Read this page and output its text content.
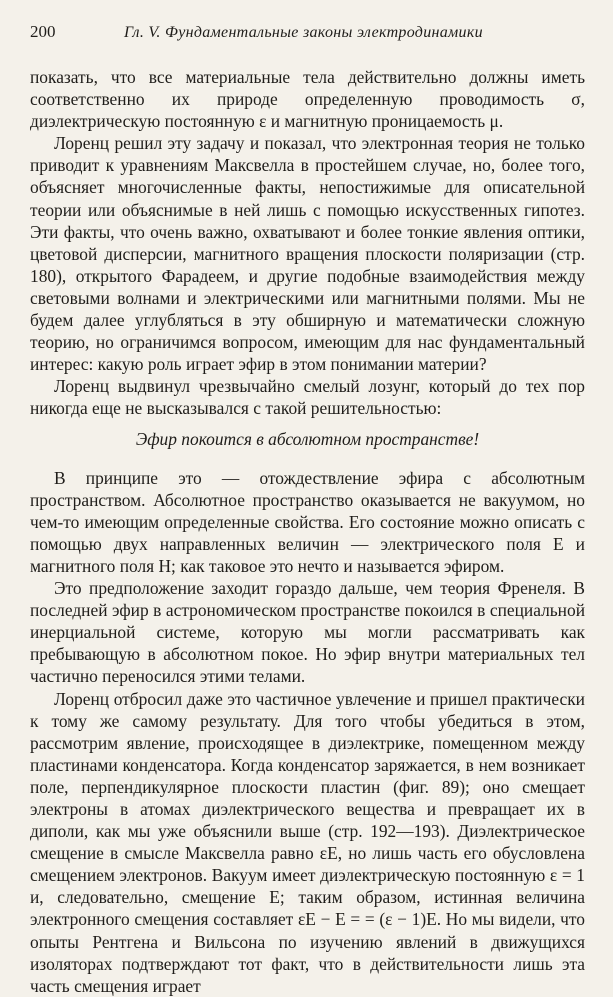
200	Гл. V. Фундаментальные законы электродинамики

показать, что все материальные тела действительно должны иметь соответственно их природе определенную проводимость σ, диэлектрическую постоянную ε и магнитную проницаемость μ.

Лоренц решил эту задачу и показал, что электронная теория не только приводит к уравнениям Максвелла в простейшем случае, но, более того, объясняет многочисленные факты, непостижимые для описательной теории или объяснимые в ней лишь с помощью искусственных гипотез. Эти факты, что очень важно, охватывают и более тонкие явления оптики, цветовой дисперсии, магнитного вращения плоскости поляризации (стр. 180), открытого Фарадеем, и другие подобные взаимодействия между световыми волнами и электрическими или магнитными полями. Мы не будем далее углубляться в эту обширную и математически сложную теорию, но ограничимся вопросом, имеющим для нас фундаментальный интерес: какую роль играет эфир в этом понимании материи?

Лоренц выдвинул чрезвычайно смелый лозунг, который до тех пор никогда еще не высказывался с такой решительностью:

Эфир покоится в абсолютном пространстве!

В принципе это — отождествление эфира с абсолютным пространством. Абсолютное пространство оказывается не вакуумом, но чем-то имеющим определенные свойства. Его состояние можно описать с помощью двух направленных величин — электрического поля E и магнитного поля H; как таковое это нечто и называется эфиром.

Это предположение заходит гораздо дальше, чем теория Френеля. В последней эфир в астрономическом пространстве покоился в специальной инерциальной системе, которую мы могли рассматривать как пребывающую в абсолютном покое. Но эфир внутри материальных тел частично переносился этими телами.

Лоренц отбросил даже это частичное увлечение и пришел практически к тому же самому результату. Для того чтобы убедиться в этом, рассмотрим явление, происходящее в диэлектрике, помещенном между пластинами конденсатора. Когда конденсатор заряжается, в нем возникает поле, перпендикулярное плоскости пластин (фиг. 89); оно смещает электроны в атомах диэлектрического вещества и превращает их в диполи, как мы уже объяснили выше (стр. 192—193). Диэлектрическое смещение в смысле Максвелла равно εE, но лишь часть его обусловлена смещением электронов. Вакуум имеет диэлектрическую постоянную ε = 1 и, следовательно, смещение E; таким образом, истинная величина электронного смещения составляет εE − E = = (ε − 1)E. Но мы видели, что опыты Рентгена и Вильсона по изучению явлений в движущихся изоляторах подтверждают тот факт, что в действительности лишь эта часть смещения играет
